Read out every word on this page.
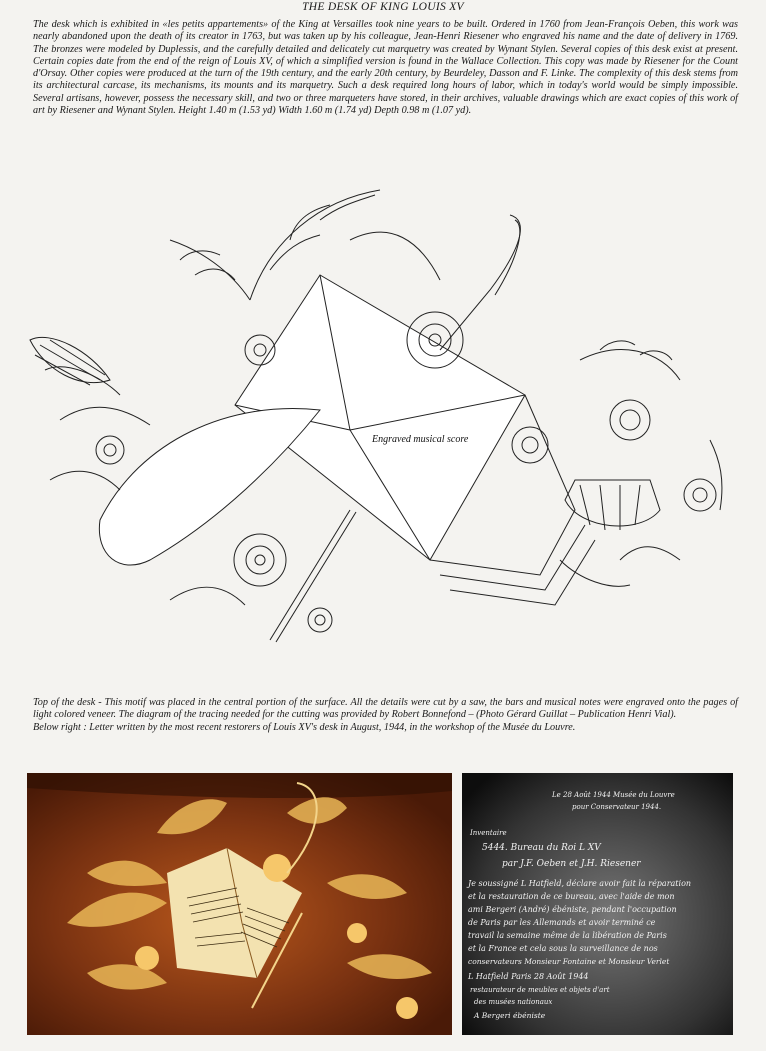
THE DESK OF KING LOUIS XV

The desk which is exhibited in «les petits appartements» of the King at Versailles took nine years to be built. Ordered in 1760 from Jean-François Oeben, this work was nearly abandoned upon the death of its creator in 1763, but was taken up by his colleague, Jean-Henri Riesener who engraved his name and the date of delivery in 1769. The bronzes were modeled by Duplessis, and the carefully detailed and delicately cut marquetry was created by Wynant Stylen. Several copies of this desk exist at present. Certain copies date from the end of the reign of Louis XV, of which a simplified version is found in the Wallace Collection. This copy was made by Riesener for the Count d'Orsay. Other copies were produced at the turn of the 19th century, and the early 20th century, by Beurdeley, Dasson and F. Linke. The complexity of this desk stems from its architectural carcase, its mechanisms, its mounts and its marquetry. Such a desk required long hours of labor, which in today's world would be simply impossible. Several artisans, however, possess the necessary skill, and two or three marqueters have stored, in their archives, valuable drawings which are exact copies of this work of art by Riesener and Wynant Stylen. Height 1.40 m (1.53 yd) Width 1.60 m (1.74 yd) Depth 0.98 m (1.07 yd).

Engraved musical score

Top of the desk - This motif was placed in the central portion of the surface. All the details were cut by a saw, the bars and musical notes were engraved onto the pages of light colored veneer. The diagram of the tracing needed for the cutting was provided by Robert Bonnefond – (Photo Gérard Guillat – Publication Henri Vial).

Below right : Letter written by the most recent restorers of Louis XV's desk in August, 1944, in the workshop of the Musée du Louvre.

Le 28 Août 1944 Musée du Louvre
pour Conservateur 1944.
Inventaire
5444. Bureau du Roi L XV
par J.F. Oeben et J.H. Riesener
Je soussigné L Hatfield, déclare avoir fait la réparation
et la restauration de ce bureau, avec l'aide de mon
ami Bergeri (André) ébéniste, pendant l'occupation
de Paris par les Allemands et avoir terminé ce
travail la semaine même de la libération de Paris
et la France et cela sous la surveillance de nos
conservateurs Monsieur Fontaine et Monsieur Verlet
L Hatfield Paris 28 Août 1944
restaurateur de meubles et objets d'art
des musées nationaux
A Bergeri ébéniste
